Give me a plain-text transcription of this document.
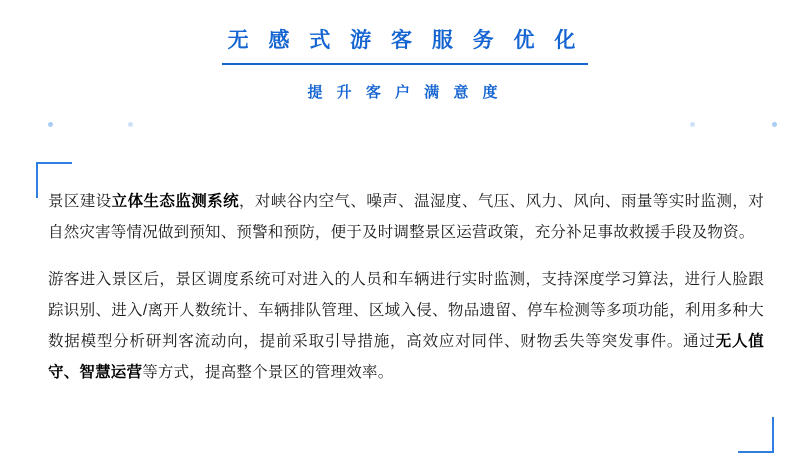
无 感 式 游 客 服 务 优 化
提 升 客 户 满 意 度

景区建设立体生态监测系统，对峡谷内空气、噪声、温湿度、气压、风力、风向、雨量等实时监测，对自然灾害等情况做到预知、预警和预防，便于及时调整景区运营政策，充分补足事故救援手段及物资。

游客进入景区后，景区调度系统可对进入的人员和车辆进行实时监测，支持深度学习算法，进行人脸跟踪识别、进入/离开人数统计、车辆排队管理、区域入侵、物品遗留、停车检测等多项功能，利用多种大数据模型分析研判客流动向，提前采取引导措施，高效应对同伴、财物丢失等突发事件。通过无人值守、智慧运营等方式，提高整个景区的管理效率。
